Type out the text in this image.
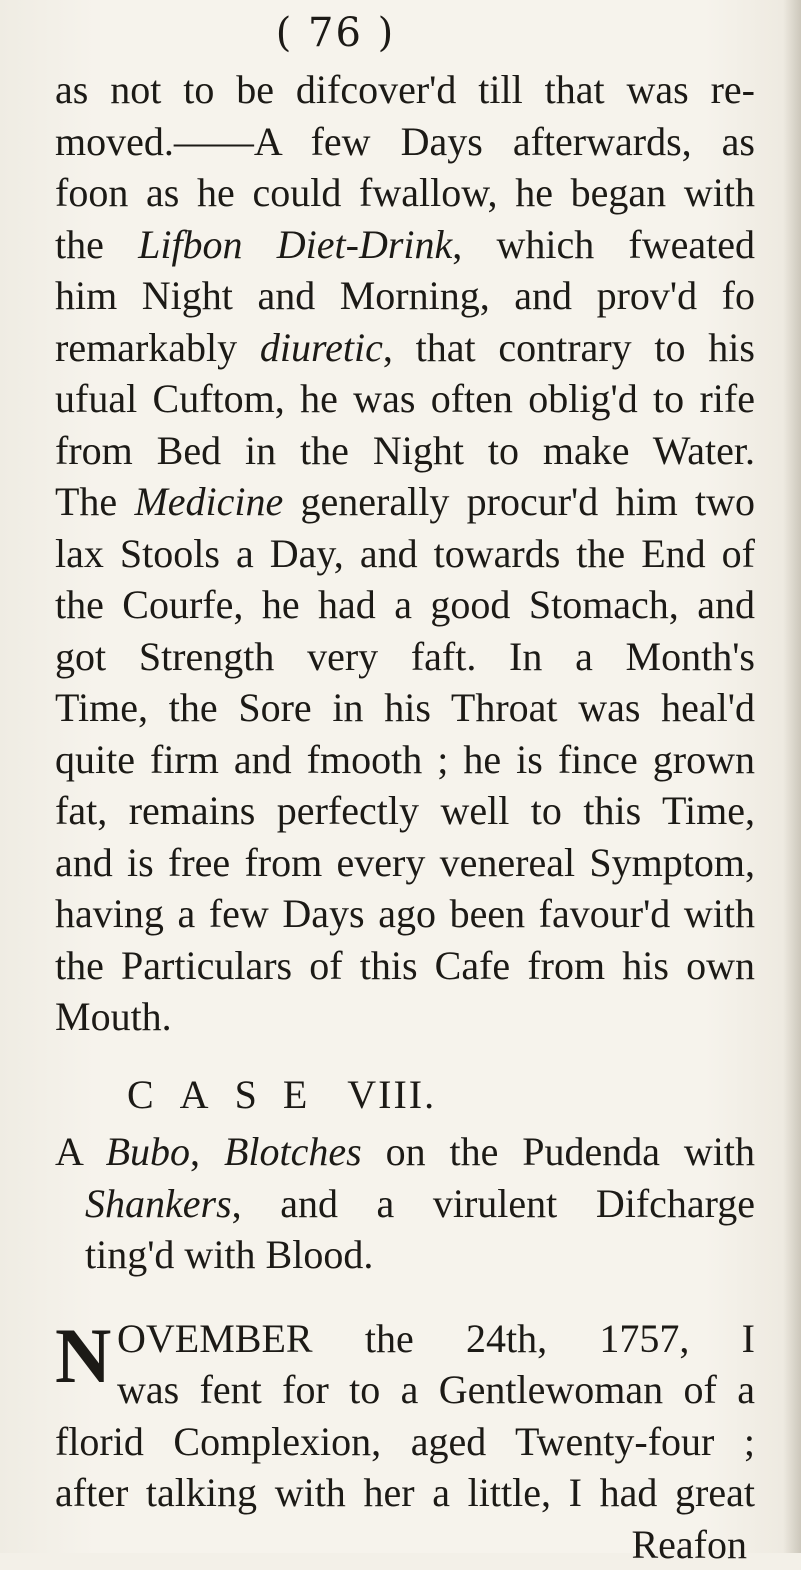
( 76 )
as not to be difcover'd till that was re-
moved.——A few Days afterwards, as
foon as he could fwallow, he began with
the Lifbon Diet-Drink, which fweated
him Night and Morning, and prov'd fo
remarkably diuretic, that contrary to his
ufual Cuftom, he was often oblig'd to rife
from Bed in the Night to make Water.
The Medicine generally procur'd him two
lax Stools a Day, and towards the End of
the Courfe, he had a good Stomach, and
got Strength very faft. In a Month's
Time, the Sore in his Throat was heal'd
quite firm and fmooth ; he is fince grown
fat, remains perfectly well to this Time,
and is free from every venereal Symptom,
having a few Days ago been favour'd with
the Particulars of this Cafe from his own
Mouth.
CASE VIII.
A Bubo, Blotches on the Pudenda with
Shankers, and a virulent Difcharge
ting'd with Blood.
N OVEMBER the 24th, 1757, I
was fent for to a Gentlewoman of a
florid Complexion, aged Twenty-four ;
after talking with her a little, I had great
Reafon
